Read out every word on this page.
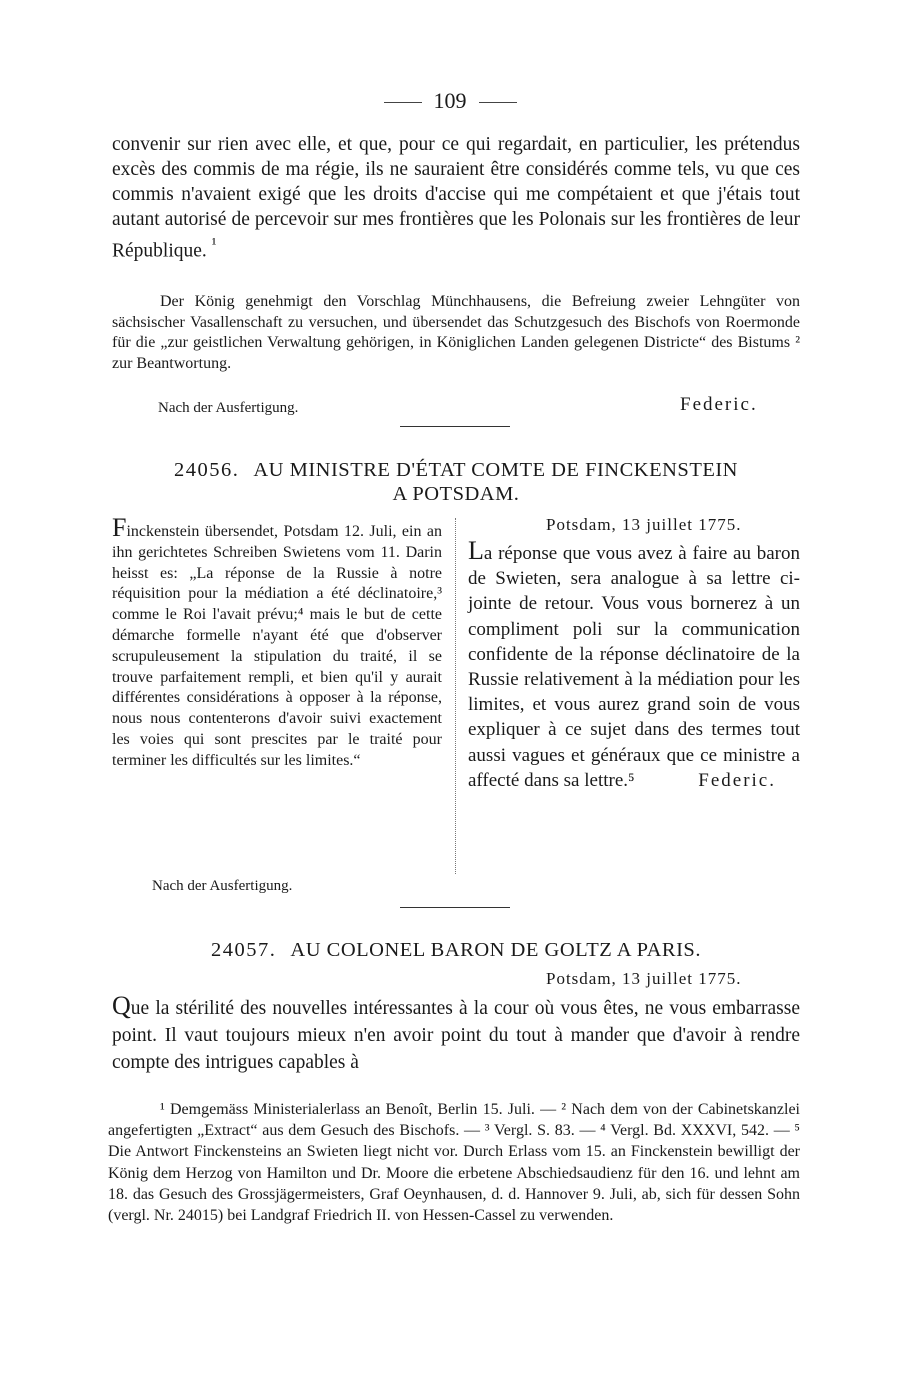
109
convenir sur rien avec elle, et que, pour ce qui regardait, en particulier, les prétendus excès des commis de ma régie, ils ne sauraient être considérés comme tels, vu que ces commis n'avaient exigé que les droits d'accise qui me compétaient et que j'étais tout autant autorisé de percevoir sur mes frontières que les Polonais sur les frontières de leur République. $^{^1}$

Der König genehmigt den Vorschlag Münchhausens, die Befreiung zweier Lehngüter von sächsischer Vasallenschaft zu versuchen, und übersendet das Schutzgesuch des Bischofs von Roermonde für die „zur geistlichen Verwaltung gehörigen, in Königlichen Landen gelegenen Districte“ des Bistums ² zur Beantwortung.

Nach der Ausfertigung.	Federic.
24056. AU MINISTRE D'ÉTAT COMTE DE FINCKENSTEIN
A POTSDAM.
Finckenstein übersendet, Potsdam 12. Juli, ein an ihn gerichtetes Schreiben Swietens vom 11. Darin heisst es: „La réponse de la Russie à notre réquisition pour la médiation a été déclinatoire,³ comme le Roi l'avait prévu;⁴ mais le but de cette démarche formelle n'ayant été que d'observer scrupuleusement la stipulation du traité, il se trouve parfaitement rempli, et bien qu'il y aurait différentes considérations à opposer à la réponse, nous nous contenterons d'avoir suivi exactement les voies qui sont prescites par le traité pour terminer les difficultés sur les limites.“
Potsdam, 13 juillet 1775.
La réponse que vous avez à faire au baron de Swieten, sera analogue à sa lettre ci-jointe de retour. Vous vous bornerez à un compliment poli sur la communication confidente de la réponse déclinatoire de la Russie relativement à la médiation pour les limites, et vous aurez grand soin de vous expliquer à ce sujet dans des termes tout aussi vagues et généraux que ce ministre a affecté dans sa lettre.⁵	Federic.
Nach der Ausfertigung.
24057. AU COLONEL BARON DE GOLTZ A PARIS.
Potsdam, 13 juillet 1775.
Que la stérilité des nouvelles intéressantes à la cour où vous êtes, ne vous embarrasse point. Il vaut toujours mieux n'en avoir point du tout à mander que d'avoir à rendre compte des intrigues capables à

¹ Demgemäss Ministerialerlass an Benoît, Berlin 15. Juli. — ² Nach dem von der Cabinetskanzlei angefertigten „Extract“ aus dem Gesuch des Bischofs. — ³ Vergl. S. 83. — ⁴ Vergl. Bd. XXXVI, 542. — ⁵ Die Antwort Finckensteins an Swieten liegt nicht vor. Durch Erlass vom 15. an Finckenstein bewilligt der König dem Herzog von Hamilton und Dr. Moore die erbetene Abschiedsaudienz für den 16. und lehnt am 18. das Gesuch des Grossjägermeisters, Graf Oeynhausen, d. d. Hannover 9. Juli, ab, sich für dessen Sohn (vergl. Nr. 24015) bei Landgraf Friedrich II. von Hessen-Cassel zu verwenden.
